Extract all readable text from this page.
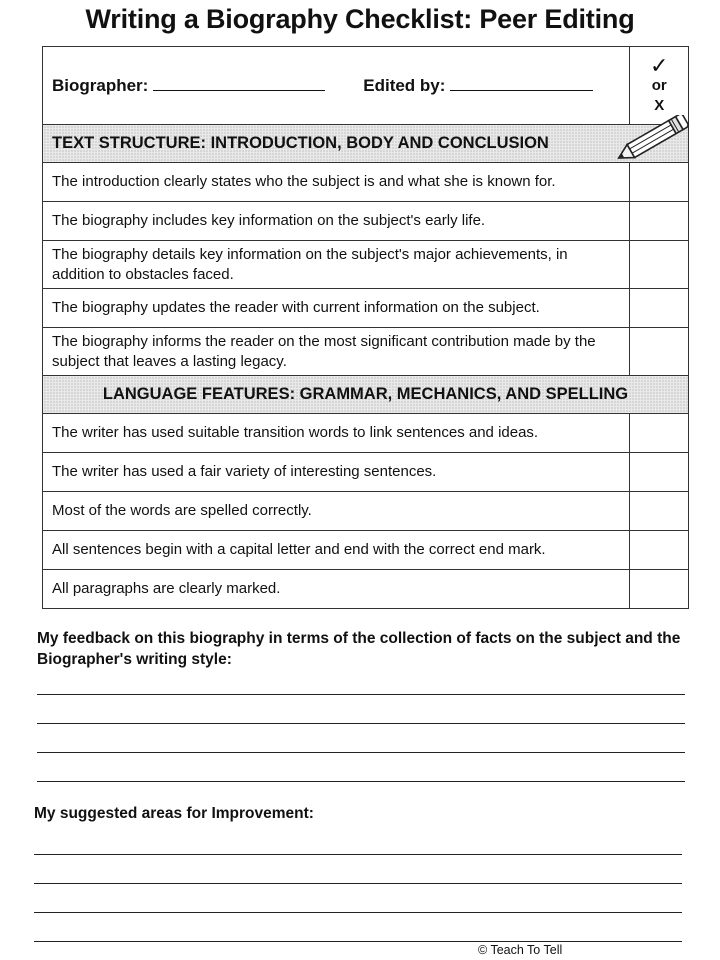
Writing a Biography Checklist: Peer Editing
Biographer: Edited by:	✓
or
X

TEXT STRUCTURE: INTRODUCTION, BODY AND CONCLUSION	
The introduction clearly states who the subject is and what she is known for.	
The biography includes key information on the subject's early life.	
The biography details key information on the subject's major achievements, in addition to obstacles faced.	
The biography updates the reader with current information on the subject.	
The biography informs the reader on the most significant contribution made by the subject that leaves a lasting legacy.	
LANGUAGE FEATURES: GRAMMAR, MECHANICS, AND SPELLING	
The writer has used suitable transition words to link sentences and ideas.	
The writer has used a fair variety of interesting sentences.	
Most of the words are spelled correctly.	
All sentences begin with a capital letter and end with the correct end mark.	
All paragraphs are clearly marked.	
My feedback on this biography in terms of the collection of facts on the subject and the Biographer's writing style:
My suggested areas for Improvement:
© Teach To Tell
